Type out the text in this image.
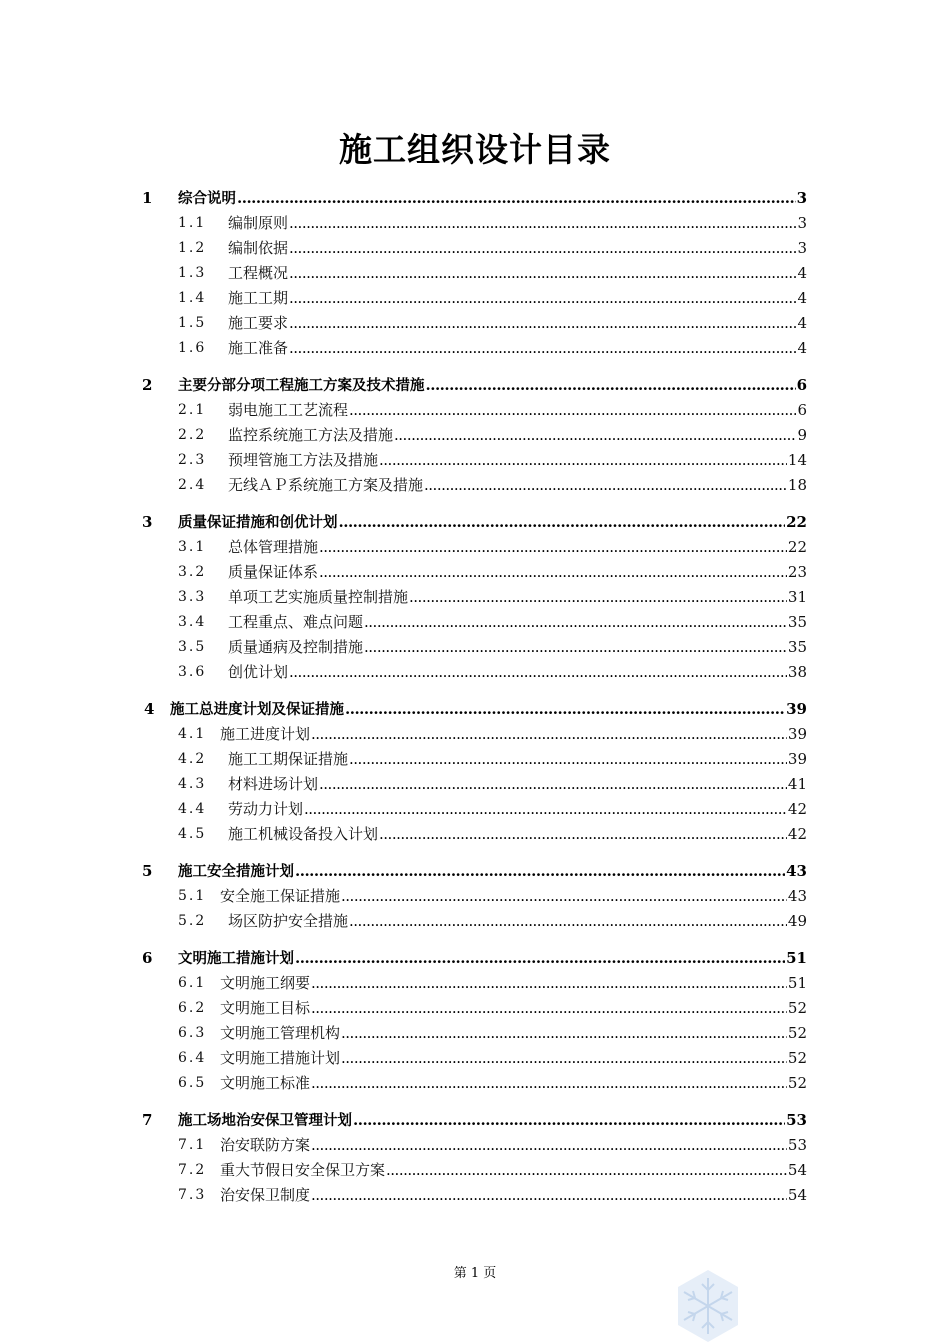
施工组织设计目录
1 综合说明 .....	3
1.1 编制原则 .....	3
1.2 编制依据 .....	3
1.3 工程概况 .....	4
1.4 施工工期 .....	4
1.5 施工要求 .....	4
1.6 施工准备 .....	4
2 主要分部分项工程施工方案及技术措施 .....	6
2.1 弱电施工工艺流程 .....	6
2.2 监控系统施工方法及措施 .....	9
2.3 预埋管施工方法及措施 .....	14
2.4 无线ＡＰ系统施工方案及措施 .....	18
3 质量保证措施和创优计划 .....	22
3.1 总体管理措施 .....	22
3.2 质量保证体系 .....	23
3.3 单项工艺实施质量控制措施 .....	31
3.4 工程重点、难点问题 .....	35
3.5 质量通病及控制措施 .....	35
3.6 创优计划 .....	38
4 施工总进度计划及保证措施 .....	39
4.1 施工进度计划 .....	39
4.2 施工工期保证措施 .....	39
4.3 材料进场计划 .....	41
4.4 劳动力计划 .....	42
4.5 施工机械设备投入计划 .....	42
5 施工安全措施计划 .....	43
5.1 安全施工保证措施 .....	43
5.2 场区防护安全措施 .....	49
6 文明施工措施计划 .....	51
6.1 文明施工纲要 .....	51
6.2 文明施工目标 .....	52
6.3 文明施工管理机构 .....	52
6.4 文明施工措施计划 .....	52
6.5 文明施工标准 .....	52
7 施工场地治安保卫管理计划 .....	53
7.1 治安联防方案 .....	53
7.2 重大节假日安全保卫方案 .....	54
7.3 治安保卫制度 .....	54
第 1 页
